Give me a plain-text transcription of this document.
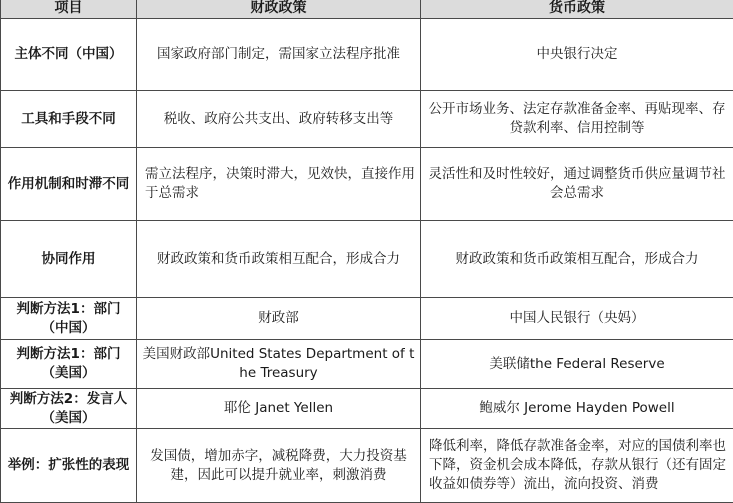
项目	财政政策	货币政策
主体不同（中国）	国家政府部门制定，需国家立法程序批准	中央银行决定
工具和手段不同	税收、政府公共支出、政府转移支出等	公开市场业务、法定存款准备金率、再贴现率、存贷款利率、信用控制等
作用机制和时滞不同	需立法程序，决策时滞大，见效快，直接作用于总需求	灵活性和及时性较好，通过调整货币供应量调节社会总需求
协同作用	财政政策和货币政策相互配合，形成合力	财政政策和货币政策相互配合，形成合力
判断方法1：部门（中国）	财政部	中国人民银行（央妈）
判断方法1：部门（美国）	美国财政部United States Department of the Treasury	美联储the Federal Reserve
判断方法2：发言人（美国）	耶伦 Janet Yellen	鲍威尔 Jerome Hayden Powell
举例：扩张性的表现	发国债，增加赤字，减税降费，大力投资基建，因此可以提升就业率，刺激消费	降低利率，降低存款准备金率，对应的国债利率也下降，资金机会成本降低，存款从银行（还有固定收益如债券等）流出，流向投资、消费
